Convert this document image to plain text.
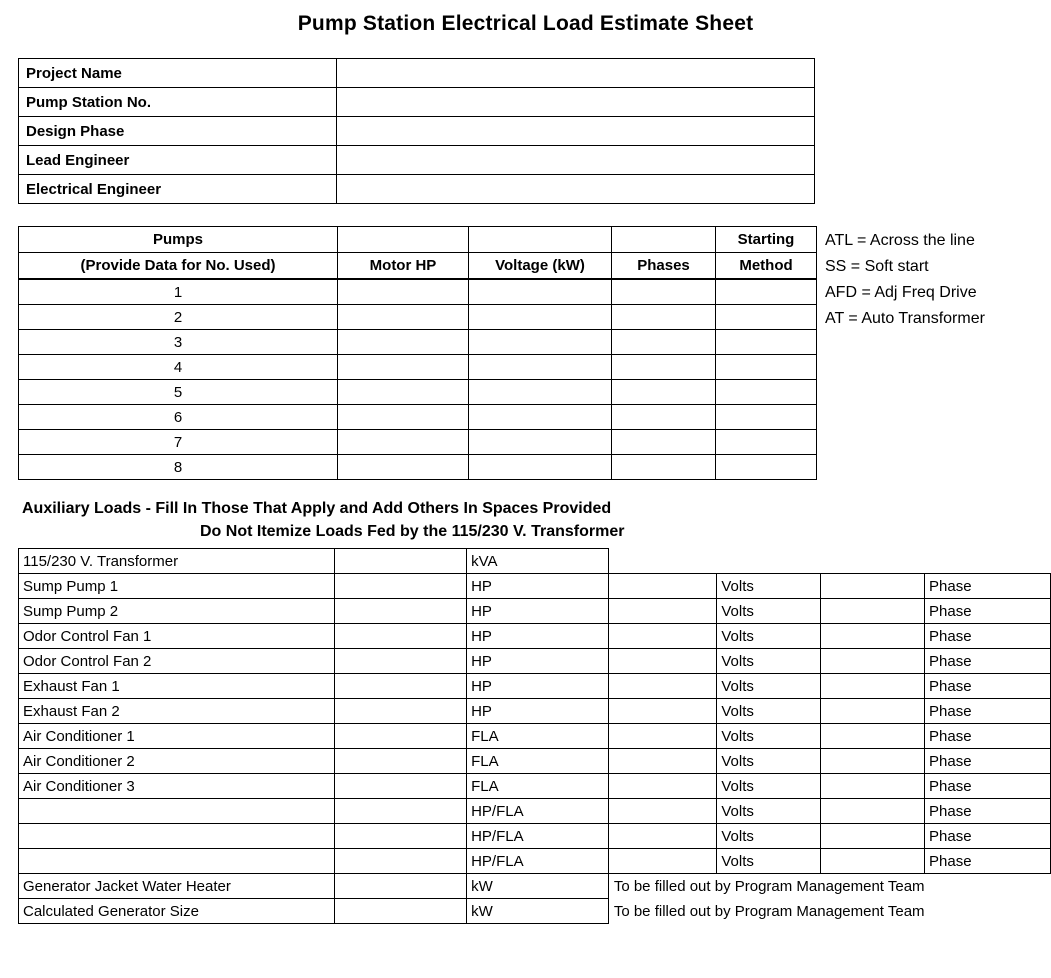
Pump Station Electrical Load Estimate Sheet
Project Name	
Pump Station No.	
Design Phase	
Lead Engineer	
Electrical Engineer	
Pumps				Starting
(Provide Data for No. Used)	Motor HP	Voltage (kW)	Phases	Method
1				
2				
3				
4				
5				
6				
7				
8				
ATL = Across the line
SS = Soft start
AFD = Adj Freq Drive
AT = Auto Transformer
Auxiliary Loads - Fill In Those That Apply and Add Others In Spaces Provided
Do Not Itemize Loads Fed by the 115/230 V. Transformer
115/230 V. Transformer		kVA				
Sump Pump 1		HP		Volts		Phase
Sump Pump 2		HP		Volts		Phase
Odor Control Fan 1		HP		Volts		Phase
Odor Control Fan 2		HP		Volts		Phase
Exhaust Fan 1		HP		Volts		Phase
Exhaust Fan 2		HP		Volts		Phase
Air Conditioner 1		FLA		Volts		Phase
Air Conditioner 2		FLA		Volts		Phase
Air Conditioner 3		FLA		Volts		Phase
		HP/FLA		Volts		Phase
		HP/FLA		Volts		Phase
		HP/FLA		Volts		Phase
Generator Jacket Water Heater		kW	To be filled out by Program Management Team			
Calculated Generator Size		kW	To be filled out by Program Management Team			
